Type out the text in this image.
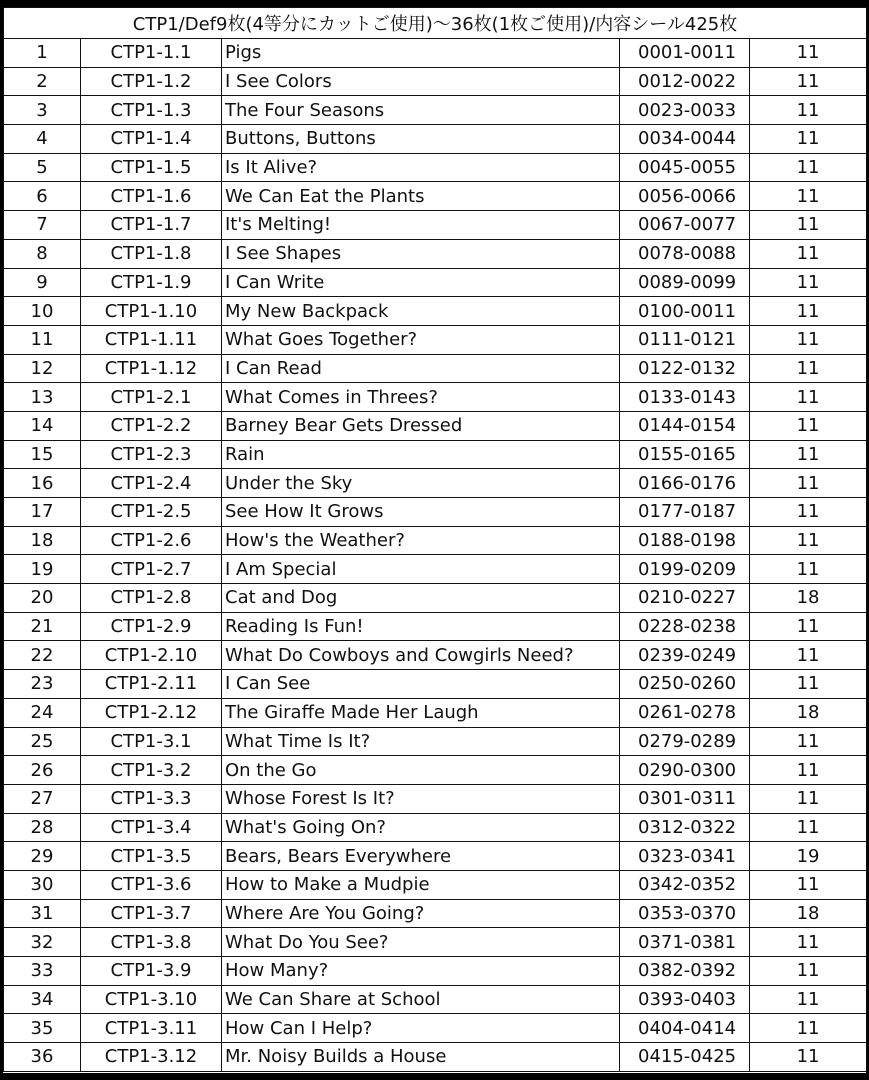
CTP1/Def9枚(4等分にカットご使用)〜36枚(1枚ご使用)/内容シール425枚				
1	CTP1-1.1	Pigs	0001-0011	11
2	CTP1-1.2	I See Colors	0012-0022	11
3	CTP1-1.3	The Four Seasons	0023-0033	11
4	CTP1-1.4	Buttons, Buttons	0034-0044	11
5	CTP1-1.5	Is It Alive?	0045-0055	11
6	CTP1-1.6	We Can Eat the Plants	0056-0066	11
7	CTP1-1.7	It's Melting!	0067-0077	11
8	CTP1-1.8	I See Shapes	0078-0088	11
9	CTP1-1.9	I Can Write	0089-0099	11
10	CTP1-1.10	My New Backpack	0100-0011	11
11	CTP1-1.11	What Goes Together?	0111-0121	11
12	CTP1-1.12	I Can Read	0122-0132	11
13	CTP1-2.1	What Comes in Threes?	0133-0143	11
14	CTP1-2.2	Barney Bear Gets Dressed	0144-0154	11
15	CTP1-2.3	Rain	0155-0165	11
16	CTP1-2.4	Under the Sky	0166-0176	11
17	CTP1-2.5	See How It Grows	0177-0187	11
18	CTP1-2.6	How's the Weather?	0188-0198	11
19	CTP1-2.7	I Am Special	0199-0209	11
20	CTP1-2.8	Cat and Dog	0210-0227	18
21	CTP1-2.9	Reading Is Fun!	0228-0238	11
22	CTP1-2.10	What Do Cowboys and Cowgirls Need?	0239-0249	11
23	CTP1-2.11	I Can See	0250-0260	11
24	CTP1-2.12	The Giraffe Made Her Laugh	0261-0278	18
25	CTP1-3.1	What Time Is It?	0279-0289	11
26	CTP1-3.2	On the Go	0290-0300	11
27	CTP1-3.3	Whose Forest Is It?	0301-0311	11
28	CTP1-3.4	What's Going On?	0312-0322	11
29	CTP1-3.5	Bears, Bears Everywhere	0323-0341	19
30	CTP1-3.6	How to Make a Mudpie	0342-0352	11
31	CTP1-3.7	Where Are You Going?	0353-0370	18
32	CTP1-3.8	What Do You See?	0371-0381	11
33	CTP1-3.9	How Many?	0382-0392	11
34	CTP1-3.10	We Can Share at School	0393-0403	11
35	CTP1-3.11	How Can I Help?	0404-0414	11
36	CTP1-3.12	Mr. Noisy Builds a House	0415-0425	11
